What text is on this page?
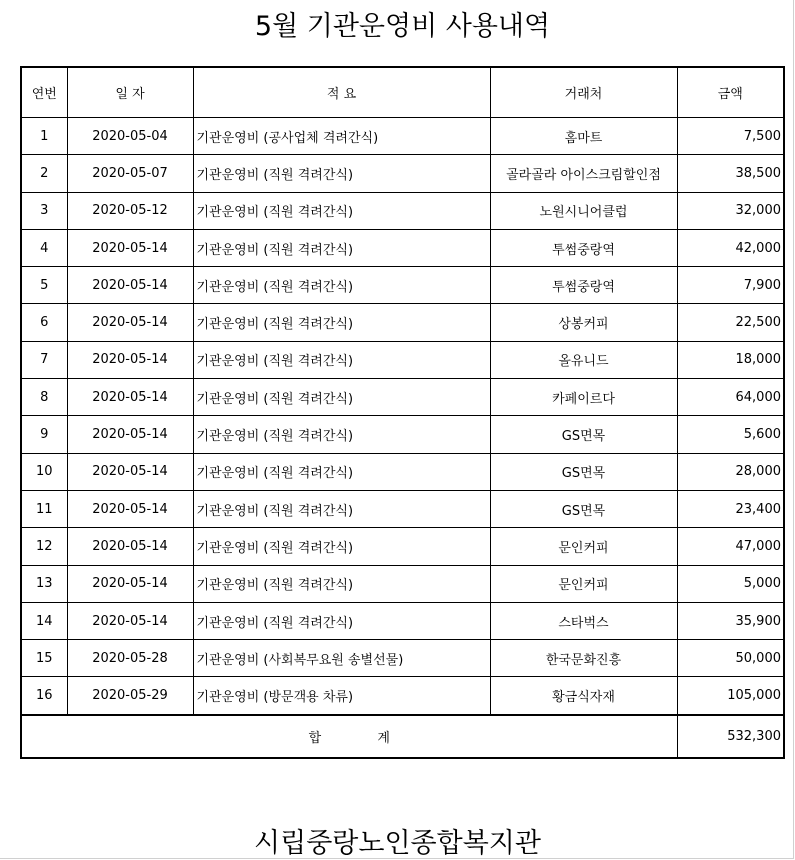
5월 기관운영비 사용내역
연번	일 자	적 요	거래처	금액
1	2020-05-04	기관운영비 (공사업체 격려간식)	홈마트	7,500
2	2020-05-07	기관운영비 (직원 격려간식)	골라골라 아이스크림할인점	38,500
3	2020-05-12	기관운영비 (직원 격려간식)	노원시니어클럽	32,000
4	2020-05-14	기관운영비 (직원 격려간식)	투썸중랑역	42,000
5	2020-05-14	기관운영비 (직원 격려간식)	투썸중랑역	7,900
6	2020-05-14	기관운영비 (직원 격려간식)	상봉커피	22,500
7	2020-05-14	기관운영비 (직원 격려간식)	올유니드	18,000
8	2020-05-14	기관운영비 (직원 격려간식)	카페이르다	64,000
9	2020-05-14	기관운영비 (직원 격려간식)	GS면목	5,600
10	2020-05-14	기관운영비 (직원 격려간식)	GS면목	28,000
11	2020-05-14	기관운영비 (직원 격려간식)	GS면목	23,400
12	2020-05-14	기관운영비 (직원 격려간식)	문인커피	47,000
13	2020-05-14	기관운영비 (직원 격려간식)	문인커피	5,000
14	2020-05-14	기관운영비 (직원 격려간식)	스타벅스	35,900
15	2020-05-28	기관운영비 (사회복무요원 송별선물)	한국문화진흥	50,000
16	2020-05-29	기관운영비 (방문객용 차류)	황금식자재	105,000
합 계				532,300
시립중랑노인종합복지관
